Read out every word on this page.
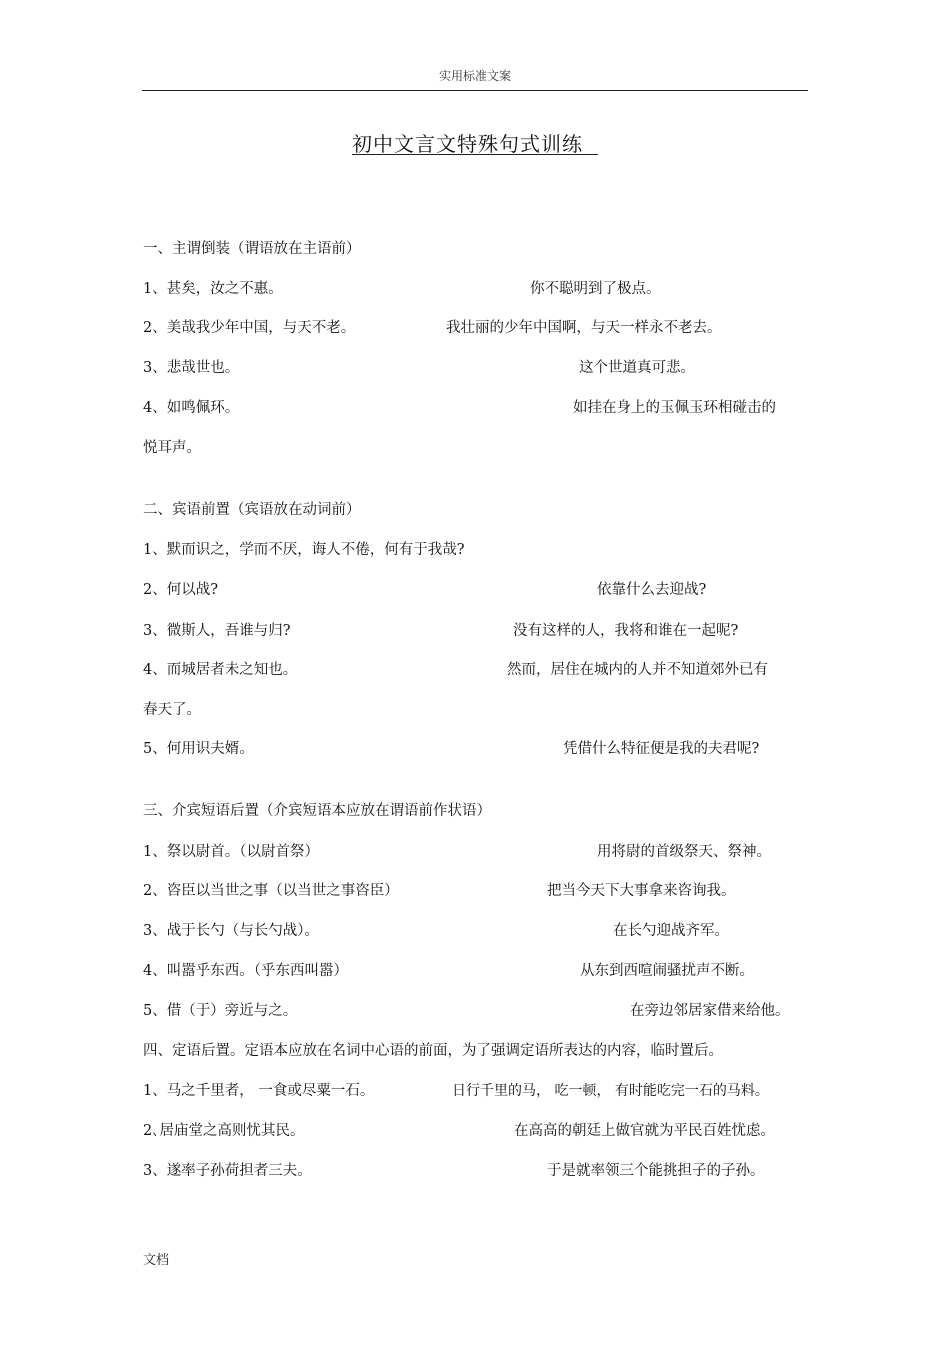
实用标准文案
初中文言文特殊句式训练
一、主谓倒装（谓语放在主语前）
1、甚矣，汝之不惠。	你不聪明到了极点。
2、美哉我少年中国，与天不老。	我壮丽的少年中国啊，与天一样永不老去。
3、悲哉世也。	这个世道真可悲。
4、如鸣佩环。	如挂在身上的玉佩玉环相碰击的
悦耳声。
二、宾语前置（宾语放在动词前）
1、默而识之，学而不厌，诲人不倦，何有于我哉?
2、何以战?	依靠什么去迎战?
3、微斯人，吾谁与归?	没有这样的人，我将和谁在一起呢?
4、而城居者未之知也。	然而，居住在城内的人并不知道郊外已有
春天了。
5、何用识夫婿。	凭借什么特征便是我的夫君呢?
三、介宾短语后置（介宾短语本应放在谓语前作状语）
1、祭以尉首。（以尉首祭）	用将尉的首级祭天、祭神。
2、咨臣以当世之事（以当世之事咨臣）	把当今天下大事拿来咨询我。
3、战于长勺（与长勺战）。	在长勺迎战齐军。
4、叫嚣乎东西。（乎东西叫嚣）	从东到西喧闹骚扰声不断。
5、借（于）旁近与之。	在旁边邻居家借来给他。
四、定语后置。定语本应放在名词中心语的前面，为了强调定语所表达的内容，临时置后。
1、马之千里者， 一食或尽粟一石。	日行千里的马， 吃一顿， 有时能吃完一石的马料。
2､居庙堂之高则忧其民。	在高高的朝廷上做官就为平民百姓忧虑。
3、遂率子孙荷担者三夫。	于是就率领三个能挑担子的子孙。
文档
